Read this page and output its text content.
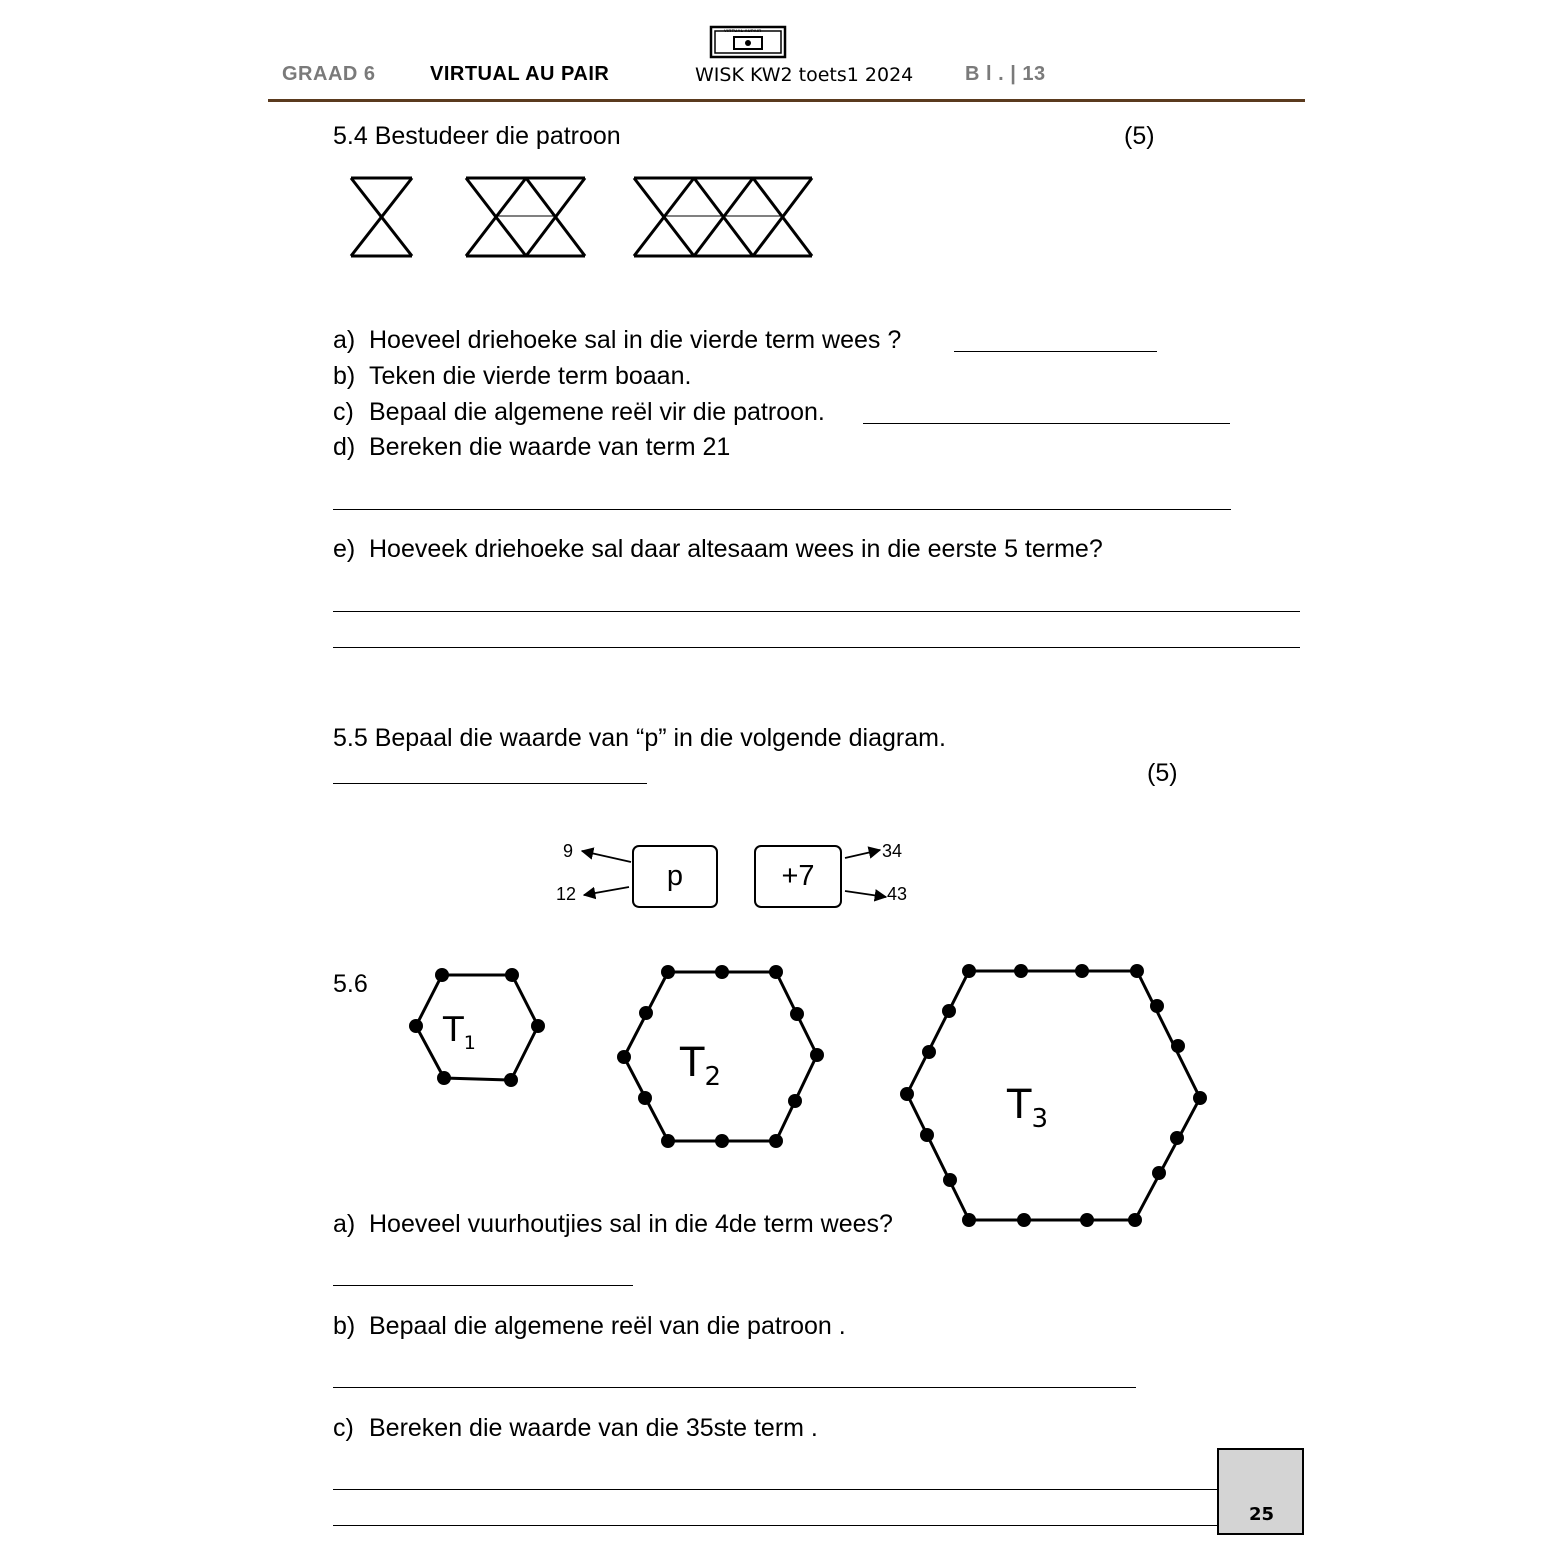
VIRTUAL AUPAIR
GRAAD 6	VIRTUAL AU PAIR	WISK KW2 toets1 2024	B l . | 13
5.4 Bestudeer die patroon	(5)
a) Hoeveel driehoeke sal in die vierde term wees ?
b) Teken die vierde term boaan.
c) Bepaal die algemene reël vir die patroon.
d) Bereken die waarde van term 21
e) Hoeveek driehoeke sal daar altesaam wees in die eerste 5 terme?
5.5 Bepaal die waarde van “p” in die volgende diagram.
(5)
p	+7
9
12
34
43
5.6
$T_1$	$T_2$
$T_3$
a) Hoeveel vuurhoutjies sal in die 4de term wees?
b) Bepaal die algemene reël van die patroon .
c) Bereken die waarde van die 35ste term .
25
